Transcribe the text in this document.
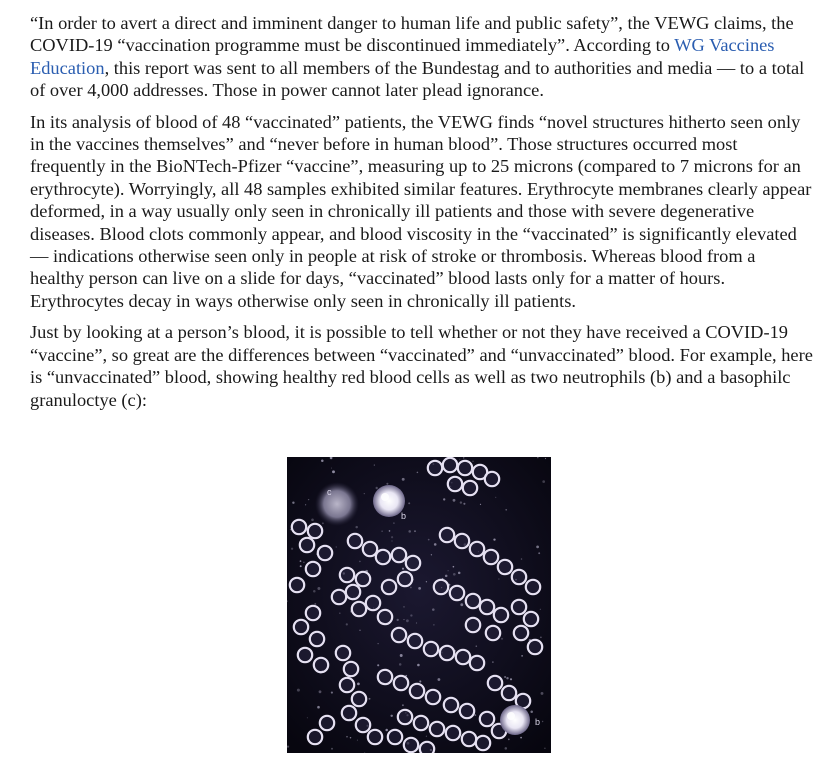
“In order to avert a direct and imminent danger to human life and public safety”, the VEWG claims, the COVID-19 “vaccination programme must be discontinued immediately”. According to WG Vaccines Education, this report was sent to all members of the Bundestag and to authorities and media — to a total of over 4,000 addresses. Those in power cannot later plead ignorance.

In its analysis of blood of 48 “vaccinated” patients, the VEWG finds “novel structures hitherto seen only in the vaccines themselves” and “never before in human blood”. Those structures occurred most frequently in the BioNTech-Pfizer “vaccine”, measuring up to 25 microns (compared to 7 microns for an erythrocyte). Worryingly, all 48 samples exhibited similar features. Erythrocyte membranes clearly appear deformed, in a way usually only seen in chronically ill patients and those with severe degenerative diseases. Blood clots commonly appear, and blood viscosity in the “vaccinated” is significantly elevated — indications otherwise seen only in people at risk of stroke or thrombosis. Whereas blood from a healthy person can live on a slide for days, “vaccinated” blood lasts only for a matter of hours. Erythrocytes decay in ways otherwise only seen in chronically ill patients.

Just by looking at a person’s blood, it is possible to tell whether or not they have received a COVID-19 “vaccine”, so great are the differences between “vaccinated” and “unvaccinated” blood. For example, here is “unvaccinated” blood, showing healthy red blood cells as well as two neutrophils (b) and a basophilc granuloctye (c):

c
b
b
